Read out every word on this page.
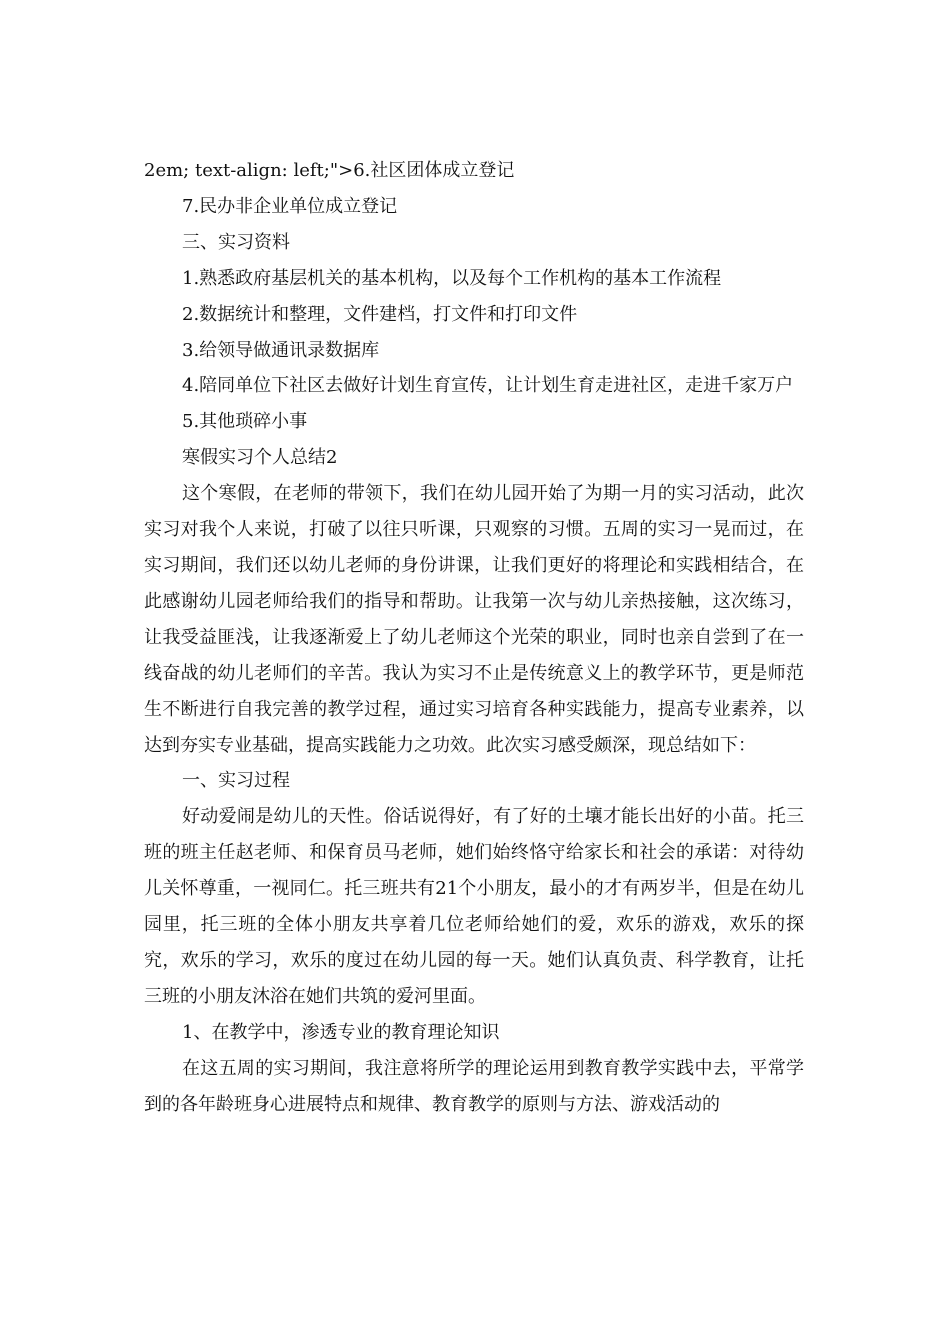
2em; text-align: left;">6.社区团体成立登记

7.民办非企业单位成立登记

三、实习资料

1.熟悉政府基层机关的基本机构，以及每个工作机构的基本工作流程

2.数据统计和整理，文件建档，打文件和打印文件

3.给领导做通讯录数据库

4.陪同单位下社区去做好计划生育宣传，让计划生育走进社区，走进千家万户

5.其他琐碎小事

寒假实习个人总结2

这个寒假，在老师的带领下，我们在幼儿园开始了为期一月的实习活动，此次实习对我个人来说，打破了以往只听课，只观察的习惯。五周的实习一晃而过，在实习期间，我们还以幼儿老师的身份讲课，让我们更好的将理论和实践相结合，在此感谢幼儿园老师给我们的指导和帮助。让我第一次与幼儿亲热接触，这次练习，让我受益匪浅，让我逐渐爱上了幼儿老师这个光荣的职业，同时也亲自尝到了在一线奋战的幼儿老师们的辛苦。我认为实习不止是传统意义上的教学环节，更是师范生不断进行自我完善的教学过程，通过实习培育各种实践能力，提高专业素养，以达到夯实专业基础，提高实践能力之功效。此次实习感受颇深，现总结如下：

一、实习过程

好动爱闹是幼儿的天性。俗话说得好，有了好的土壤才能长出好的小苗。托三班的班主任赵老师、和保育员马老师，她们始终恪守给家长和社会的承诺：对待幼儿关怀尊重，一视同仁。托三班共有21个小朋友，最小的才有两岁半，但是在幼儿园里，托三班的全体小朋友共享着几位老师给她们的爱，欢乐的游戏，欢乐的探究，欢乐的学习，欢乐的度过在幼儿园的每一天。她们认真负责、科学教育，让托三班的小朋友沐浴在她们共筑的爱河里面。

1、在教学中，渗透专业的教育理论知识

在这五周的实习期间，我注意将所学的理论运用到教育教学实践中去，平常学到的各年龄班身心进展特点和规律、教育教学的原则与方法、游戏活动的
